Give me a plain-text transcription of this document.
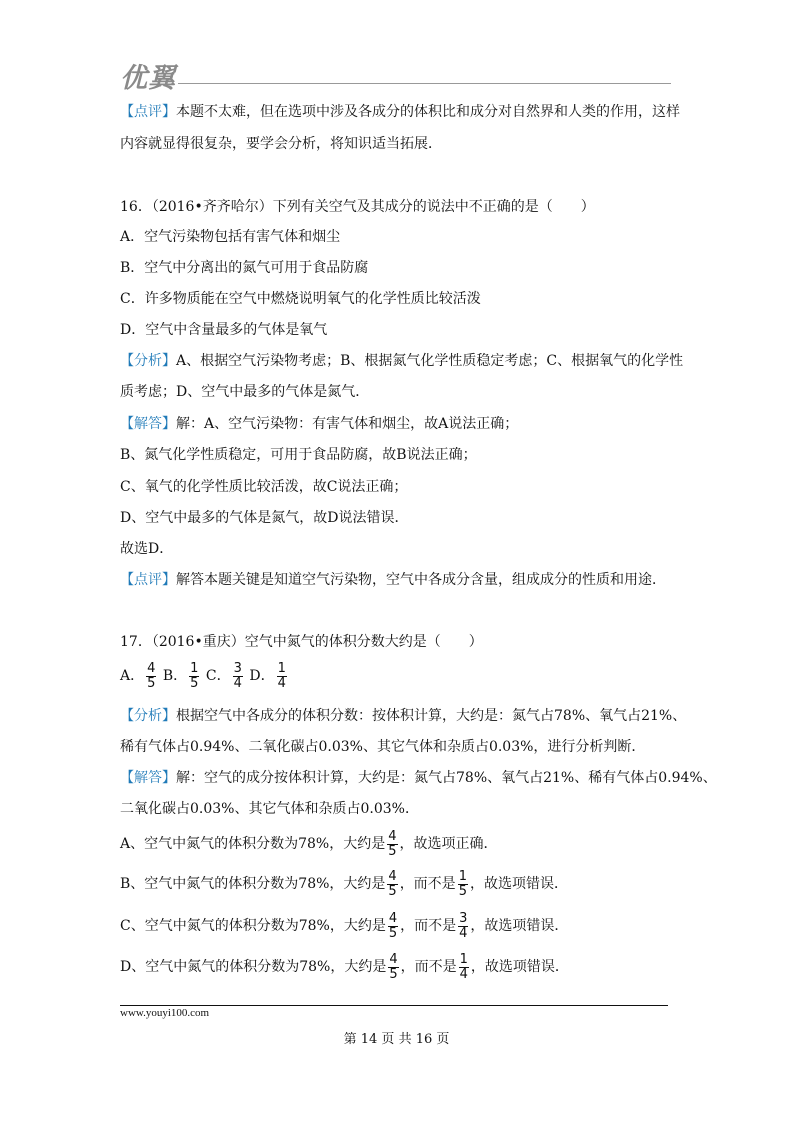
优翼
【点评】本题不太难，但在选项中涉及各成分的体积比和成分对自然界和人类的作用，这样
内容就显得很复杂，要学会分析，将知识适当拓展．
16．（2016•齐齐哈尔）下列有关空气及其成分的说法中不正确的是（　　）
A．空气污染物包括有害气体和烟尘
B．空气中分离出的氮气可用于食品防腐
C．许多物质能在空气中燃烧说明氧气的化学性质比较活泼
D．空气中含量最多的气体是氧气
【分析】A、根据空气污染物考虑；B、根据氮气化学性质稳定考虑；C、根据氧气的化学性
质考虑；D、空气中最多的气体是氮气．
【解答】解：A、空气污染物：有害气体和烟尘，故A说法正确；
B、氮气化学性质稳定，可用于食品防腐，故B说法正确；
C、氧气的化学性质比较活泼，故C说法正确；
D、空气中最多的气体是氮气，故D说法错误．
故选D．
【点评】解答本题关键是知道空气污染物，空气中各成分含量，组成成分的性质和用途．
17．（2016•重庆）空气中氮气的体积分数大约是（　　）
A． $\frac{4}{5}$ B． $\frac{1}{5}$ C． $\frac{3}{4}$ D． $\frac{1}{4}$
【分析】根据空气中各成分的体积分数：按体积计算，大约是：氮气占78%、氧气占21%、
稀有气体占0.94%、二氧化碳占0.03%、其它气体和杂质占0.03%，进行分析判断．
【解答】解：空气的成分按体积计算，大约是：氮气占78%、氧气占21%、稀有气体占0.94%、
二氧化碳占0.03%、其它气体和杂质占0.03%．
A、空气中氮气的体积分数为78%，大约是 $\frac{4}{5}$ ，故选项正确．
B、空气中氮气的体积分数为78%，大约是 $\frac{4}{5}$ ，而不是 $\frac{1}{5}$ ，故选项错误．
C、空气中氮气的体积分数为78%，大约是 $\frac{4}{5}$ ，而不是 $\frac{3}{4}$ ，故选项错误．
D、空气中氮气的体积分数为78%，大约是 $\frac{4}{5}$ ，而不是 $\frac{1}{4}$ ，故选项错误．
www.youyi100.com
第 14 页 共 16 页
